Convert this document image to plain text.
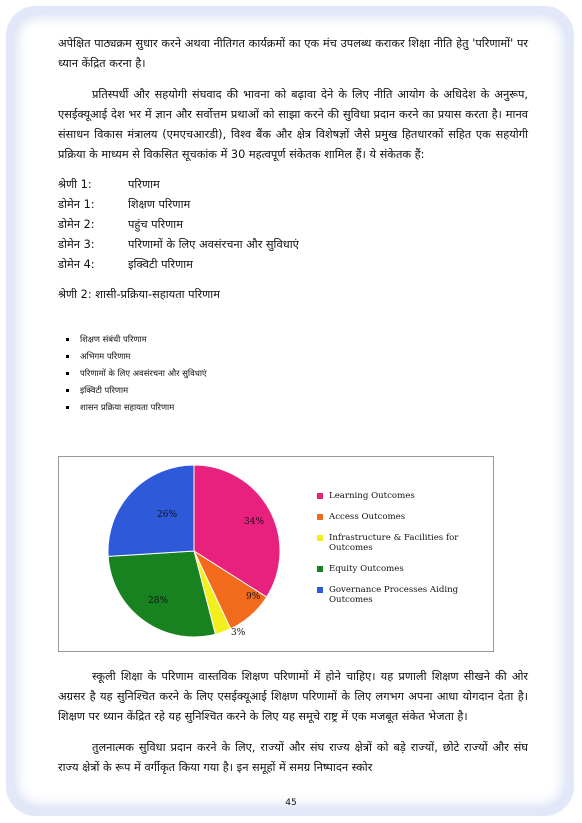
अपेक्षित पाठ्यक्रम सुधार करने अथवा नीतिगत कार्यक्रमों का एक मंच उपलब्ध कराकर शिक्षा नीति हेतु 'परिणामों' पर ध्यान केंद्रित करना है।

प्रतिस्पर्धी और सहयोगी संघवाद की भावना को बढ़ावा देने के लिए नीति आयोग के अधिदेश के अनुरूप, एसईक्यूआई देश भर में ज्ञान और सर्वोत्तम प्रथाओं को साझा करने की सुविधा प्रदान करने का प्रयास करता है। मानव संसाधन विकास मंत्रालय (एमएचआरडी), विश्व बैंक और क्षेत्र विशेषज्ञों जैसे प्रमुख हितधारकों सहित एक सहयोगी प्रक्रिया के माध्यम से विकसित सूचकांक में 30 महत्वपूर्ण संकेतक शामिल हैं। ये संकेतक हैं:

श्रेणी 1:	परिणाम
डोमेन 1:	शिक्षण परिणाम
डोमेन 2:	पहुंच परिणाम
डोमेन 3:	परिणामों के लिए अवसंरचना और सुविधाएं
डोमेन 4:	इक्विटी परिणाम
श्रेणी 2: शासी-प्रक्रिया-सहायता परिणाम
शिक्षण संबंधी परिणाम
अभिगम परिणाम
परिणामों के लिए अवसंरचना और सुविधाएं
इक्विटी परिणाम
शासन प्रक्रिया सहायता परिणाम
34%
9%
3%
28%
26%
Learning Outcomes
Access Outcomes
Infrastructure & Facilities for Outcomes
Equity Outcomes
Governance Processes Aiding Outcomes

स्कूली शिक्षा के परिणाम वास्तविक शिक्षण परिणामों में होने चाहिए। यह प्रणाली शिक्षण सीखने की ओर अग्रसर है यह सुनिश्चित करने के लिए एसईक्यूआई शिक्षण परिणामों के लिए लगभग अपना आधा योगदान देता है। शिक्षण पर ध्यान केंद्रित रहे यह सुनिश्चित करने के लिए यह समूचे राष्ट्र में एक मजबूत संकेत भेजता है।

तुलनात्मक सुविधा प्रदान करने के लिए, राज्यों और संघ राज्य क्षेत्रों को बड़े राज्यों, छोटे राज्यों और संघ राज्य क्षेत्रों के रूप में वर्गीकृत किया गया है। इन समूहों में समग्र निष्पादन स्कोर

45
